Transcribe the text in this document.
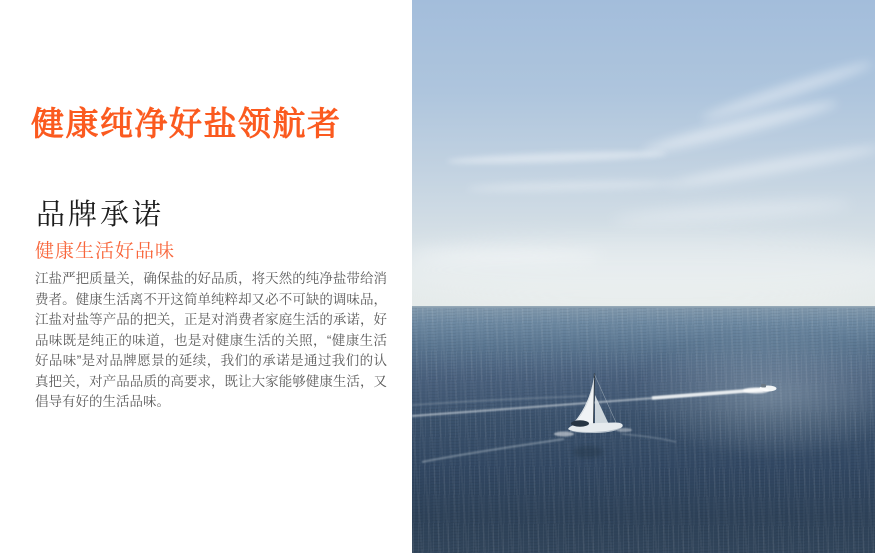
健康纯净好盐领航者
品牌承诺
健康生活好品味

江盐严把质量关，确保盐的好品质，将天然的纯净盐带给消费者。健康生活离不开这简单纯粹却又必不可缺的调味品，江盐对盐等产品的把关，正是对消费者家庭生活的承诺，好品味既是纯正的味道，也是对健康生活的关照，“健康生活好品味”是对品牌愿景的延续，我们的承诺是通过我们的认真把关，对产品品质的高要求，既让大家能够健康生活，又倡导有好的生活品味。
